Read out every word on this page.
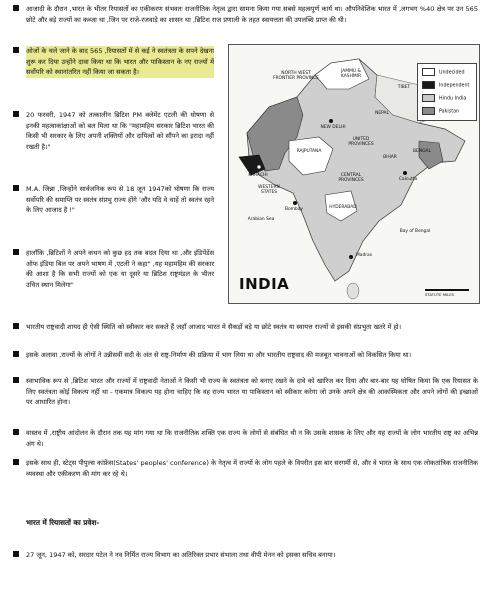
आजादी के दौरान ,भारत के भीतर रियासतों का एकीकरण संभवतः राजनीतिक नेतृत्व द्वारा सामना किया गया सबसे महत्वपूर्ण कार्य था। औपनिवेशिक भारत में ,लगभग %40 क्षेत्र पर उन 565 छोटे और बड़े राज्यों का कब्जा था ,जिन पर राजे-रजवाड़े का शासन था ,ब्रिटिश राज प्रणाली के तहत स्वायत्तता की उपलब्धि प्राप्त की थी।

ओजों के चले जाने के बाद 565 ,रियासतों में से कई ने स्वतंत्रता के सपने देखना शुरू कर दिया उन्होंने दावा किया था कि भारत और पाकिस्तान के नए राज्यों में सर्वोपरि को स्थानांतरित नहीं किया जा सकता है।

20 फरवरी, 1947 को तत्कालीन ब्रिटिश PM क्लेमेंट एटली की घोषणा से इनकी महत्वाकांक्षाओं को बल मिला था कि "महामहिम सरकार ब्रिटिश भारत की किसी भी सरकार के लिए अपनी शक्तियों और दायित्वों को सौंपने का इरादा नहीं रखती है।"

M.A. जिन्ना ,जिन्होंने सार्वजनिक रूप से 18 जून 1947को घोषणा कि राज्य सर्वोपरि की समाप्ति पर स्वतंत्र संप्रभु राज्य होंगे 'और यदि वे चाहें तो स्वतंत्र रहने के लिए आजाद है !"

हालाँकि ,ब्रिटिशों ने अपने कथन को कुछ हद तक बदल दिया था ,और इंडिपेंडेंस ऑफ इंडिया बिल पर अपने भाषण में ,एटली ने कहा" ,यह महामहिम की सरकार की आशा है कि सभी राज्यों को एक या दूसरे या ब्रिटिश राष्ट्रमंडल के भीतर उचित स्थान मिलेगा"

भारतीय राष्ट्रवादी शायद ही ऐसी स्थिति को स्वीकार कर सकते हैं जहाँ आजाद भारत मे सैकड़ों बड़े या छोटे स्वतंत्र या स्वायत्त राज्यों से इसकी संप्रभुता खतरे में हो।

इसके अलावा ,राज्यों के लोगों ने उन्नीसवीं सदी के अंत से राष्ट्र-निर्माण की प्रक्रिया में भाग लिया था और भारतीय राष्ट्रवाद की मजबूत भावनाओं को विकसित किया था।

स्वाभाविक रूप से ,ब्रिटिश भारत और राज्यों में राष्ट्रवादी नेताओं ने किसी भी राज्य के स्वतंत्रता को बनाए रखने के दावे को खारिज कर दिया और बार-बार यह घोषित किया कि एक रियासत के लिए स्वतंत्रता कोई विकल्प नहीं था - एकमात्र विकल्प यह होना चाहिए कि वह राज्य भारत या पाकिस्तान को स्वीकार करेगा जो उनके अपने क्षेत्र की आकस्मिकता और अपने लोगों की इच्छाओं पर आधारित होना।

वास्तव में ,राष्ट्रीय आंदोलन के दौरान तक यह मांग गया था कि राजनीतिक शक्ति एक राज्य के लोगों से संबंधित थी न कि उसके शासक के लिए और यह राज्यों के लोग भारतीय राष्ट्र का अभिन्न अंग थे।

इसके साथ ही, स्टेट्स पीपुल्स कांफ्रेंस(States' peoples' conference) के नेतृत्व में राज्यों के लोग पहले के विपरीत इस बार सरगर्मी से, और वे भारत के साथ एक लोकतांत्रिक राजनीतिक व्यवस्था और एकीकरण की मांग कर रहे थे।

भारत में रियासतों का प्रवेश-

27 जून, 1947 को, सरदार पटेल ने नव निर्मित राज्य विभाग का अतिरिक्त प्रभार संभाला तथा वीपी मेनन को इसका सचिव बनाया।

NORTH WEST FRONTIER PROVINCE
JAMMU & KASHMIR
TIBET
NEPAL
NEW DELHI
RAJPUTANA
UNITED PROVINCES
KARACHI
WESTERN STATES
CENTRAL PROVINCES
BIHAR
BENGAL
Bombay	HYDERABAD
Calcutta
Arabian Sea
Bay of Bengal
Madras
Undecided
Independent
Hindu India
Pakistan
INDIA
STATUTE MILES
